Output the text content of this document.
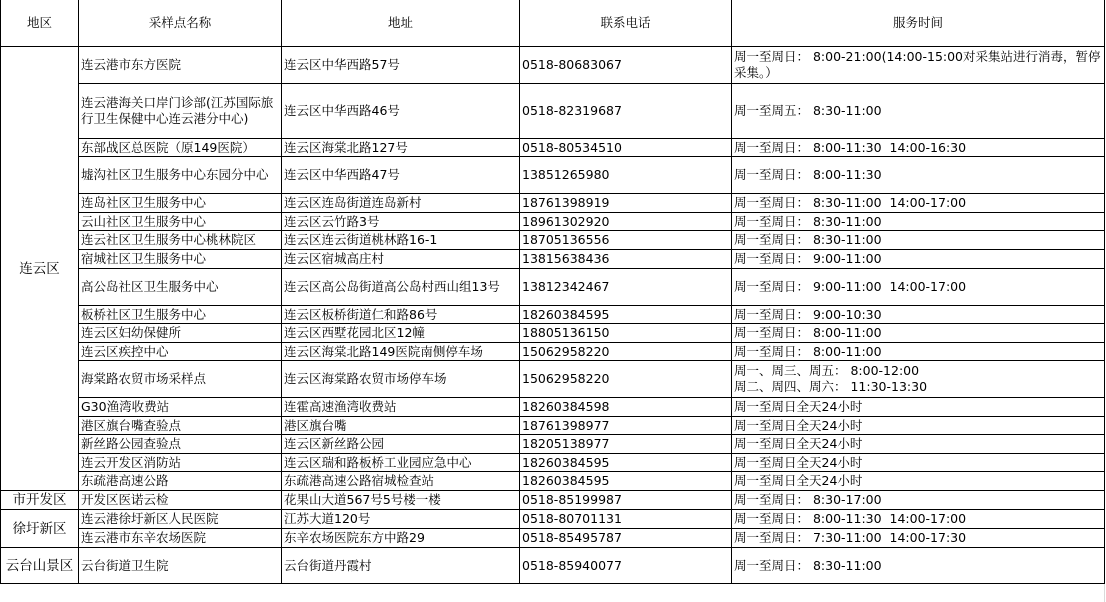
地区	采样点名称	地址	联系电话	服务时间
连云区	连云港市东方医院	连云区中华西路57号	0518-80683067	周一至周日： 8:00-21:00(14:00-15:00对采集站进行消毒，暂停采集。）
	连云港海关口岸门诊部(江苏国际旅行卫生保健中心连云港分中心)	连云区中华西路46号	0518-82319687	周一至周五： 8:30-11:00
	东部战区总医院（原149医院）	连云区海棠北路127号	0518-80534510	周一至周日： 8:00-11:30  14:00-16:30
	墟沟社区卫生服务中心东园分中心	连云区中华西路47号	13851265980	周一至周日： 8:00-11:30
	连岛社区卫生服务中心	连云区连岛街道连岛新村	18761398919	周一至周日： 8:30-11:00  14:00-17:00
	云山社区卫生服务中心	连云区云竹路3号	18961302920	周一至周日： 8:30-11:00
	连云社区卫生服务中心桃林院区	连云区连云街道桃林路16-1	18705136556	周一至周日： 8:30-11:00
	宿城社区卫生服务中心	连云区宿城高庄村	13815638436	周一至周日： 9:00-11:00
	高公岛社区卫生服务中心	连云区高公岛街道高公岛村西山组13号	13812342467	周一至周日： 9:00-11:00  14:00-17:00
	板桥社区卫生服务中心	连云区板桥街道仁和路86号	18260384595	周一至周日： 9:00-10:30
	连云区妇幼保健所	连云区西墅花园北区12幢	18805136150	周一至周日： 8:00-11:00
	连云区疾控中心	连云区海棠北路149医院南侧停车场	15062958220	周一至周日： 8:00-11:00
	海棠路农贸市场采样点	连云区海棠路农贸市场停车场	15062958220	周一、周三、周五： 8:00-12:00
周二、周四、周六： 11:30-13:30
	G30渔湾收费站	连霍高速渔湾收费站	18260384598	周一至周日全天24小时
	港区旗台嘴查验点	港区旗台嘴	18761398977	周一至周日全天24小时
	新丝路公园查验点	连云区新丝路公园	18205138977	周一至周日全天24小时
	连云开发区消防站	连云区瑞和路板桥工业园应急中心	18260384595	周一至周日全天24小时
	东疏港高速公路	东疏港高速公路宿城检查站	18260384595	周一至周日全天24小时
市开发区	开发区医诺云检	花果山大道567号5号楼一楼	0518-85199987	周一至周日： 8:30-17:00
徐圩新区	连云港徐圩新区人民医院	江苏大道120号	0518-80701131	周一至周日： 8:00-11:30  14:00-17:00
	连云港市东辛农场医院	东辛农场医院东方中路29	0518-85495787	周一至周日： 7:30-11:00  14:00-17:30
云台山景区	云台街道卫生院	云台街道丹霞村	0518-85940077	周一至周日： 8:30-11:00
